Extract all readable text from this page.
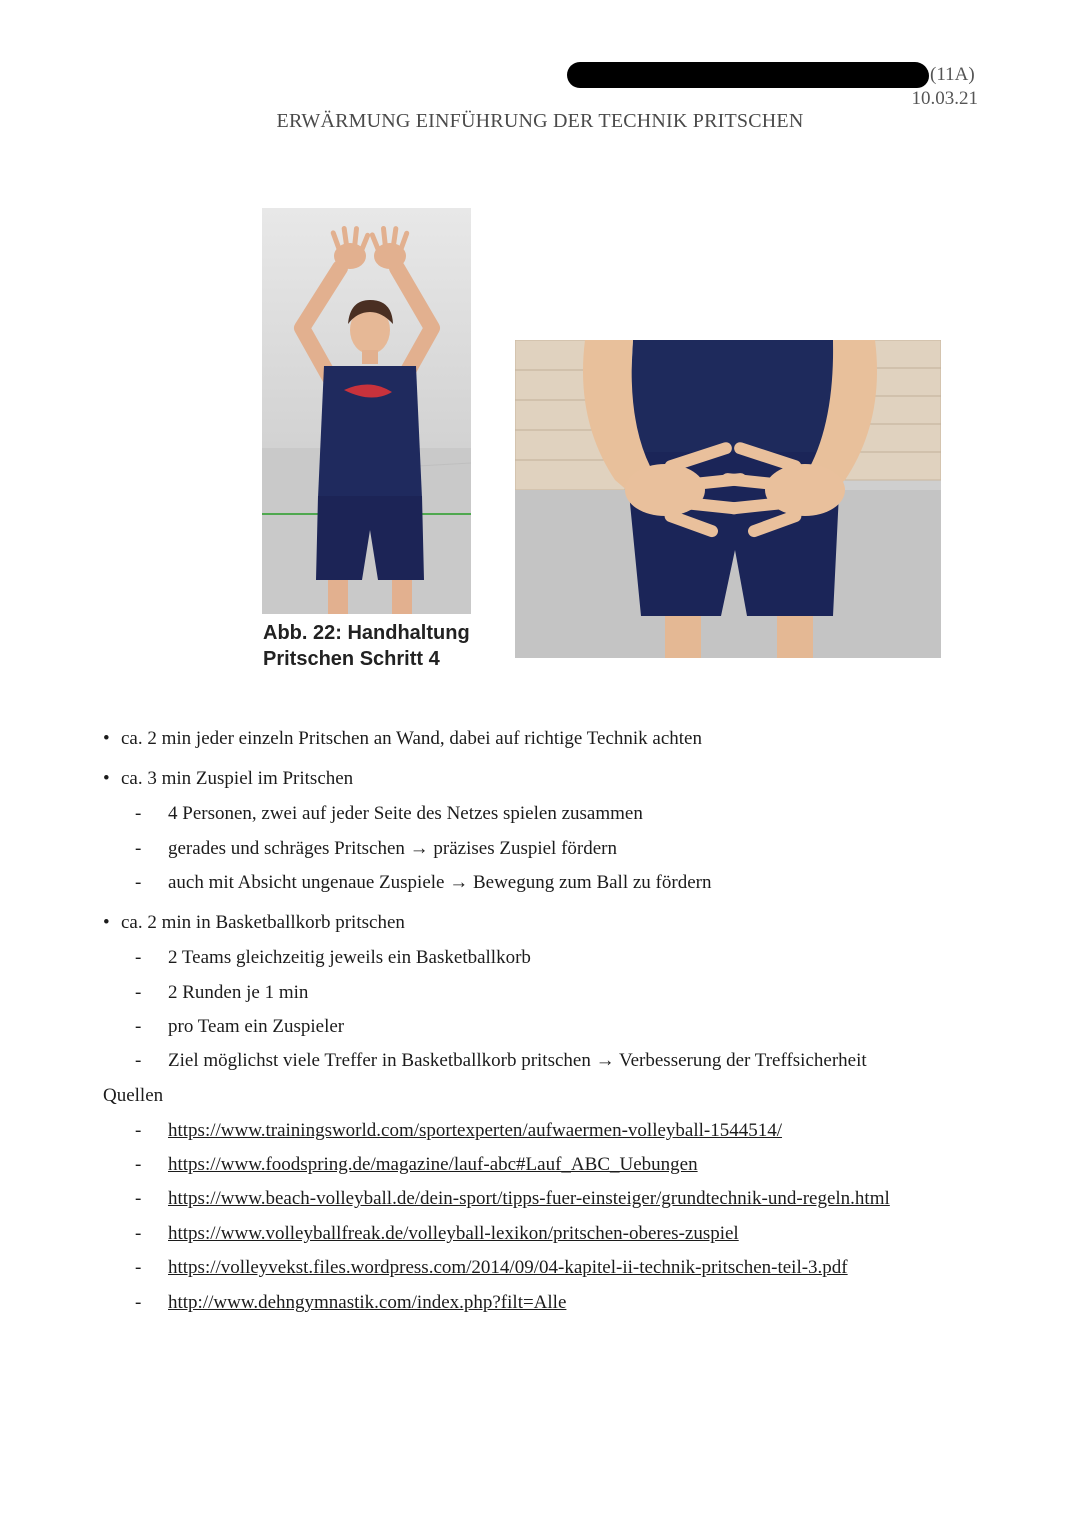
(11A)
10.03.21
ERWÄRMUNG EINFÜHRUNG DER TECHNIK PRITSCHEN
Abb. 22: Handhaltung
Pritschen Schritt 4
• ca. 2 min jeder einzeln Pritschen an Wand, dabei auf richtige Technik achten
• ca. 3 min Zuspiel im Pritschen
- 4 Personen, zwei auf jeder Seite des Netzes spielen zusammen
- gerades und schräges Pritschen → präzises Zuspiel fördern
- auch mit Absicht ungenaue Zuspiele → Bewegung zum Ball zu fördern
• ca. 2 min in Basketballkorb pritschen
- 2 Teams gleichzeitig jeweils ein Basketballkorb
- 2 Runden je 1 min
- pro Team ein Zuspieler
- Ziel möglichst viele Treffer in Basketballkorb pritschen → Verbesserung der Treffsicherheit
Quellen
- https://www.trainingsworld.com/sportexperten/aufwaermen-volleyball-1544514/
- https://www.foodspring.de/magazine/lauf-abc#Lauf_ABC_Uebungen
- https://www.beach-volleyball.de/dein-sport/tipps-fuer-einsteiger/grundtechnik-und-regeln.html
- https://www.volleyballfreak.de/volleyball-lexikon/pritschen-oberes-zuspiel
- https://volleyvekst.files.wordpress.com/2014/09/04-kapitel-ii-technik-pritschen-teil-3.pdf
- http://www.dehngymnastik.com/index.php?filt=Alle
